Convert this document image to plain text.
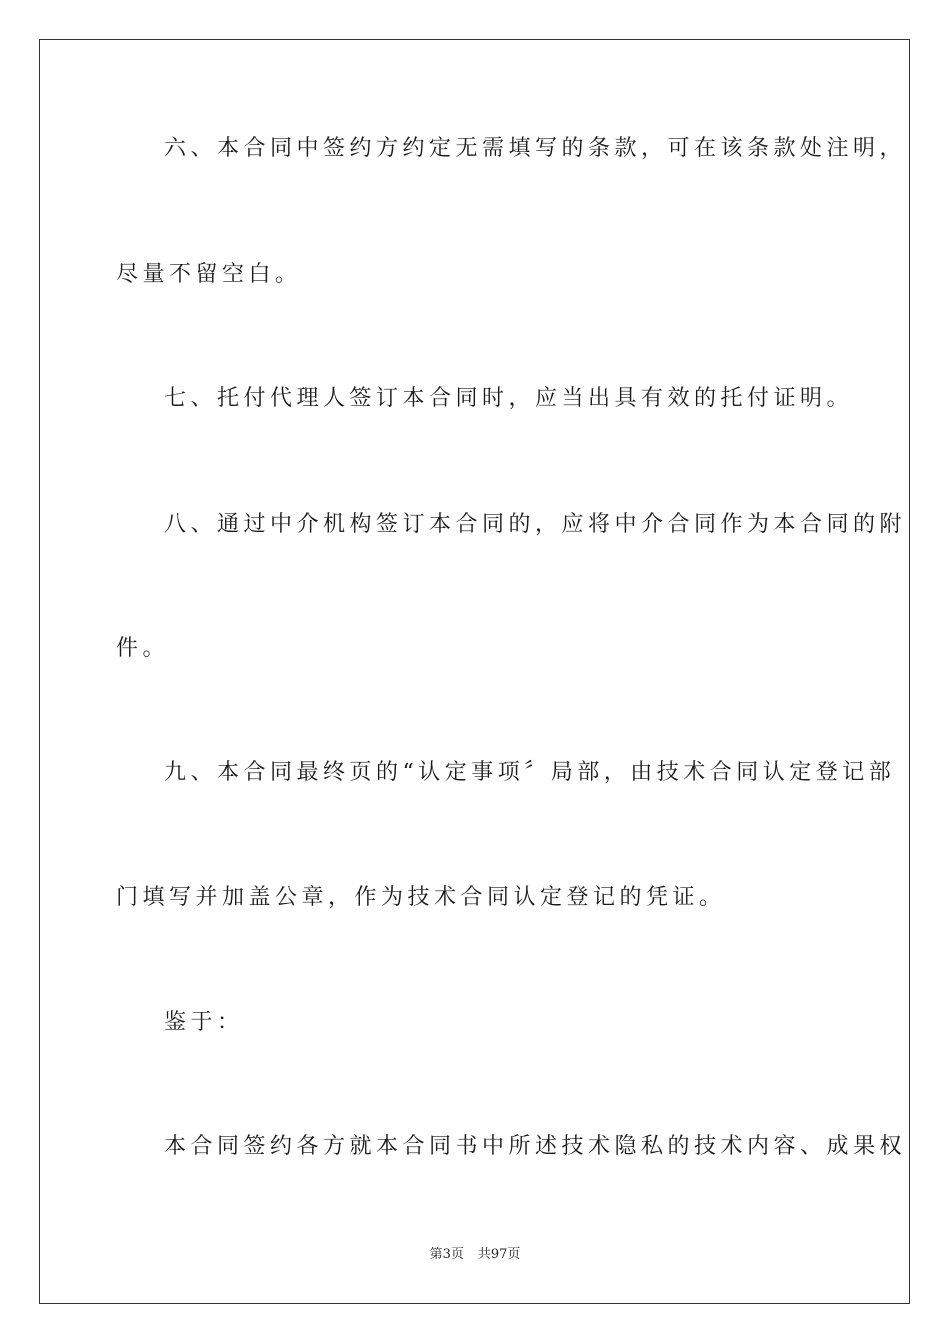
六、本合同中签约方约定无需填写的条款，可在该条款处注明，
尽量不留空白。
七、托付代理人签订本合同时，应当出具有效的托付证明。
八、通过中介机构签订本合同的，应将中介合同作为本合同的附
件。
九、本合同最终页的“认定事项〞局部，由技术合同认定登记部
门填写并加盖公章，作为技术合同认定登记的凭证。
鉴于：
本合同签约各方就本合同书中所述技术隐私的技术内容、成果权
第3页 共97页
